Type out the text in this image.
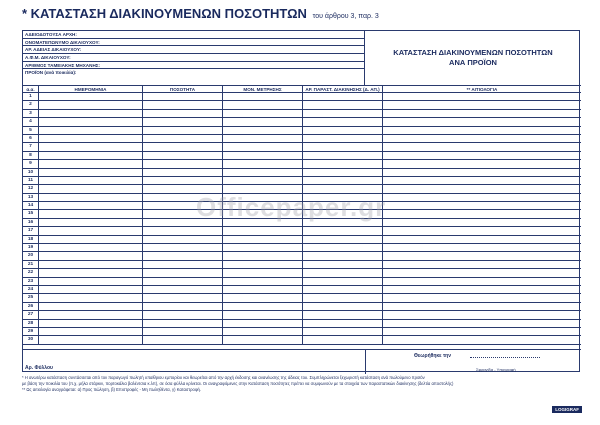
* ΚΑΤΑΣΤΑΣΗ ΔΙΑΚΙΝΟΥΜΕΝΩΝ ΠΟΣΟΤΗΤΩΝ του άρθρου 3, παρ. 3
ΑΔΕΙΟΔΟΤΟΥΣΑ ΑΡΧΗ:
ΟΝΟΜΑΤΕΠΩΝΥΜΟ ΔΙΚΑΙΟΥΧΟΥ:
ΑΡ. ΑΔΕΙΑΣ ΔΙΚΑΙΟΥΧΟΥ:
Α.Φ.Μ. ΔΙΚΑΙΟΥΧΟΥ:
ΑΡΙΘΜΟΣ ΤΑΜΕΙΑΚΗΣ ΜΗΧΑΝΗΣ:
ΠΡΟΪΟΝ (ανά ποικιλία):
ΚΑΤΑΣΤΑΣΗ ΔΙΑΚΙΝΟΥΜΕΝΩΝ ΠΟΣΟΤΗΤΩΝ
ΑΝΑ ΠΡΟΪΟΝ
α.α.	ΗΜΕΡΟΜΗΝΙΑ	ΠΟΣΟΤΗΤΑ	ΜΟΝ. ΜΕΤΡΗΣΗΣ	ΑΡ. ΠΑΡΑΣΤ. ΔΙΑΚΙΝΗΣΗΣ (Δ. ΑΠ.)	** ΑΙΤΙΟΛΟΓΙΑ
1
2
3
4
5
6
7
8
9
10
11
12
13
14
15
16
17
18
19
20
21
22
23
24
25
26
27
28
29
30
Αρ. Φύλλου
Θεωρήθηκε την
Σφραγίδα - Υπογραφή
Officepaper.gr
* Η ανωτέρω κατάσταση συντάσσεται από τον παραγωγό πωλητή υπαίθριου εμπορίου και θεωρείται από την αρχή έκδοσης και ανανέωσης της άδειας του. Συμπληρώνεται ξεχωριστή κατάσταση ανά πωλούμενο προϊόν
με βάση την ποικιλία του (π.χ. μήλα στάρκιν, πορτοκάλια βαλέντσια κ.λπ), σε όσα φύλλα κρίνεται. Οι αναγραφόμενες στην Κατάσταση ποσότητες πρέπει να συμφωνούν με τα στοιχεία των παραστατικών διακίνησης (δελτία αποστολής)
** Ως αιτιολογία αναγράφεται: α) Προς πώληση, β) Επιστροφές - Μη πωληθέντα, γ) Καταστροφή.
LOGIGRAF
